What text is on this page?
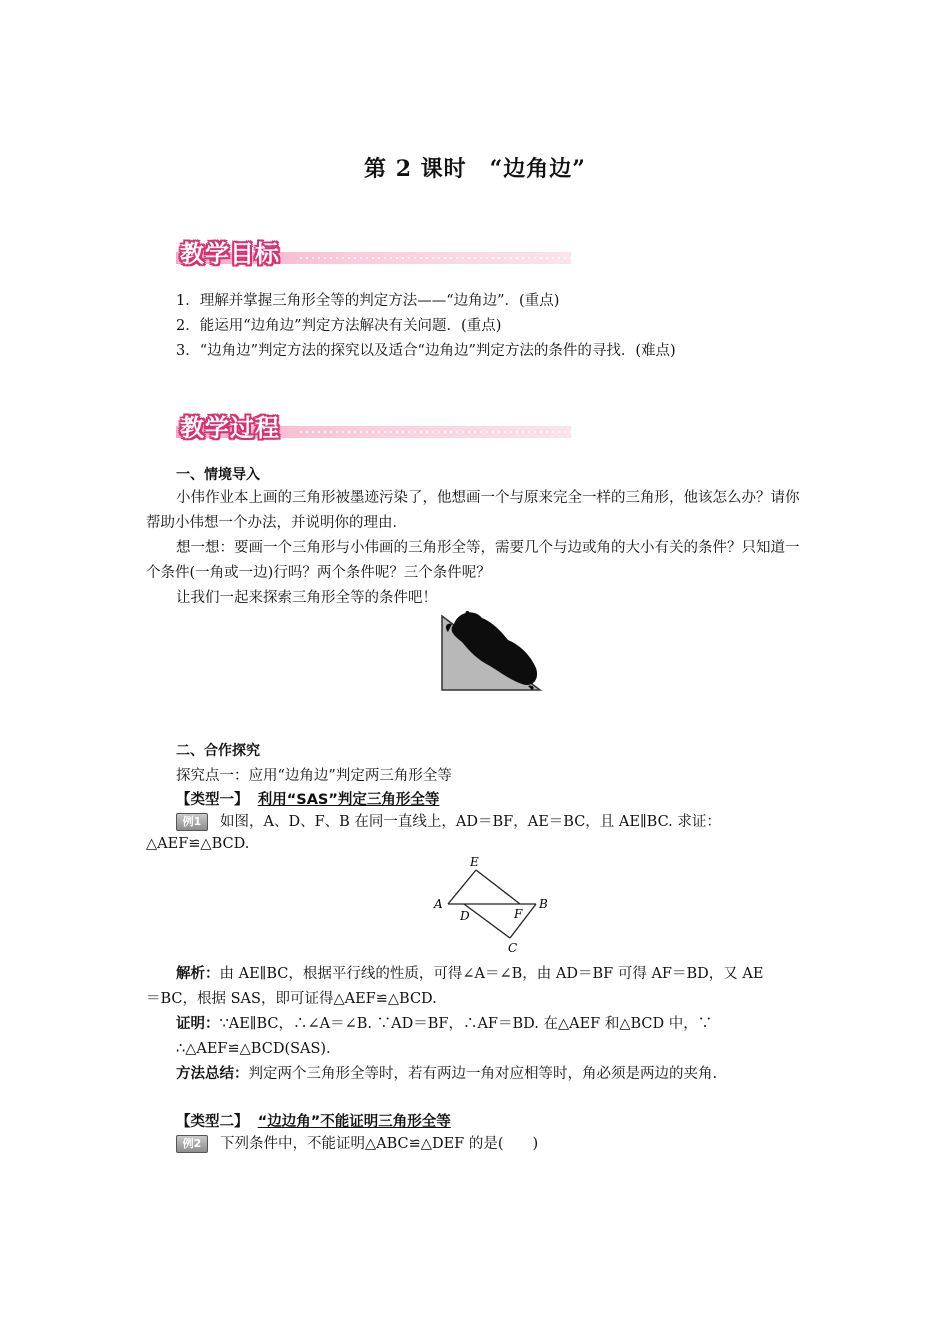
第 2 课时　“边角边”
教学目标
1．理解并掌握三角形全等的判定方法——“边角边”．(重点)
2．能运用“边角边”判定方法解决有关问题．(重点)
3．“边角边”判定方法的探究以及适合“边角边”判定方法的条件的寻找．(难点)
教学过程
一、情境导入

小伟作业本上画的三角形被墨迹污染了，他想画一个与原来完全一样的三角形，他该怎么办？请你帮助小伟想一个办法，并说明你的理由．

想一想：要画一个三角形与小伟画的三角形全等，需要几个与边或角的大小有关的条件？只知道一个条件(一角或一边)行吗？两个条件呢？三个条件呢？

让我们一起来探索三角形全等的条件吧！

二、合作探究
探究点一：应用“边角边”判定两三角形全等
【类型一】 利用“SAS”判定三角形全等
例1 如图，A、D、F、B 在同一直线上，AD＝BF，AE＝BC，且 AE∥BC. 求证：
△AEF≌△BCD.
E
A
D	F
B
C
解析：由 AE∥BC，根据平行线的性质，可得∠A＝∠B，由 AD＝BF 可得 AF＝BD，又 AE
＝BC，根据 SAS，即可证得△AEF≌△BCD.
证明：∵AE∥BC，∴∠A＝∠B. ∵AD＝BF，∴AF＝BD. 在△AEF 和△BCD 中，∵
∴△AEF≌△BCD(SAS)．
方法总结：判定两个三角形全等时，若有两边一角对应相等时，角必须是两边的夹角.
【类型二】 “边边角”不能证明三角形全等
例2 下列条件中，不能证明△ABC≌△DEF 的是(　　)
